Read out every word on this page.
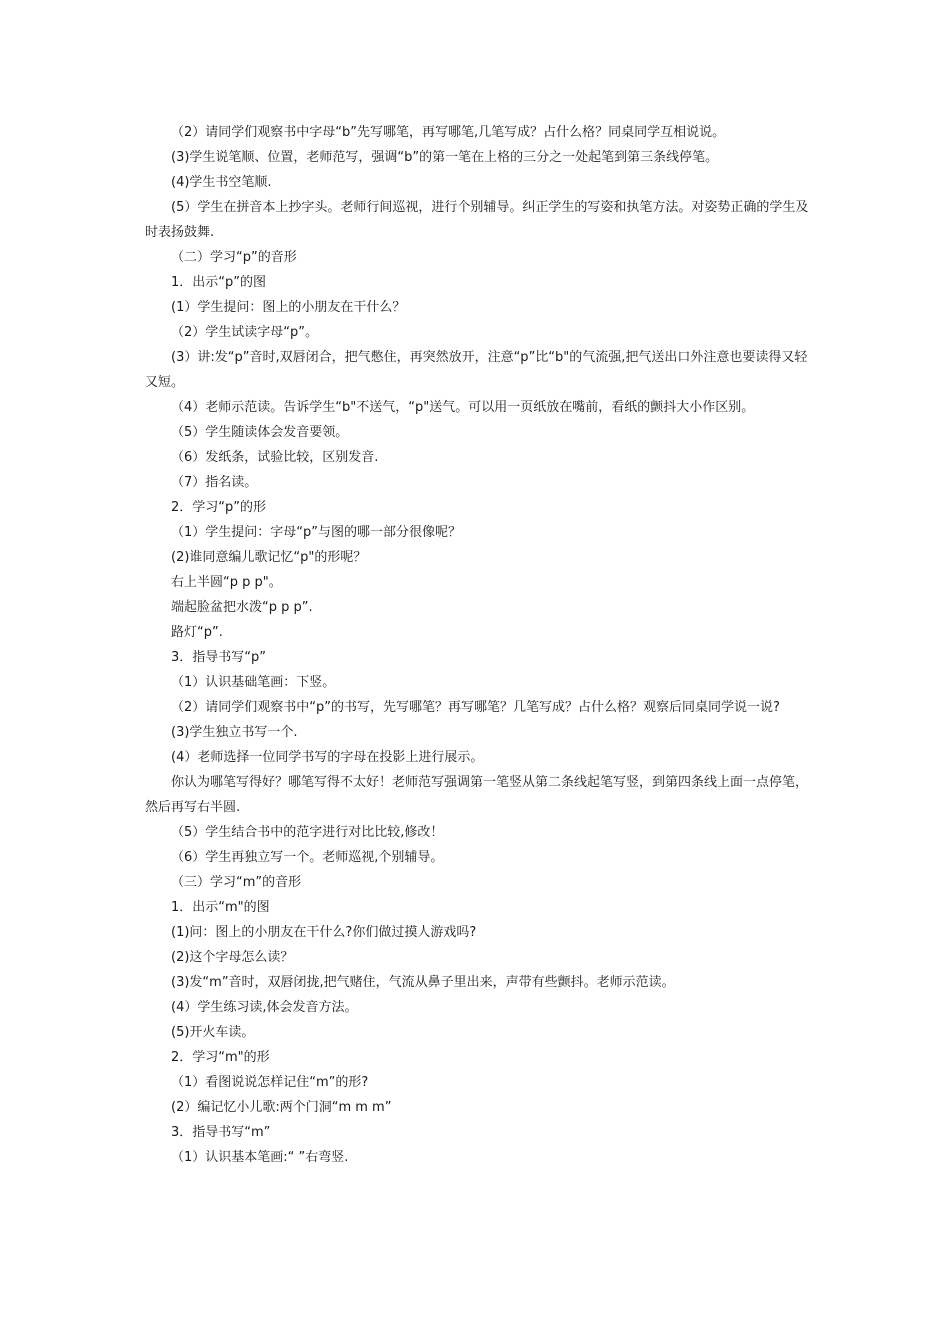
（2）请同学们观察书中字母“b”先写哪笔，再写哪笔,几笔写成？占什么格？同桌同学互相说说。

(3)学生说笔顺、位置，老师范写，强调“b”的第一笔在上格的三分之一处起笔到第三条线停笔。

(4)学生书空笔顺.

(5）学生在拼音本上抄字头。老师行间巡视，进行个别辅导。纠正学生的写姿和执笔方法。对姿势正确的学生及时表扬鼓舞.

（二）学习“p”的音形

1．出示“p”的图

(1）学生提问：图上的小朋友在干什么？

（2）学生试读字母“p”。

(3）讲:发“p”音时,双唇闭合，把气憋住，再突然放开，注意“p”比“b"的气流强,把气送出口外注意也要读得又轻又短。

（4）老师示范读。告诉学生“b"不送气，“p"送气。可以用一页纸放在嘴前，看纸的颤抖大小作区别。

（5）学生随读体会发音要领。

（6）发纸条，试验比较，区别发音.

（7）指名读。

2．学习“p”的形

（1）学生提问：字母“p”与图的哪一部分很像呢？

(2)谁同意编儿歌记忆“p"的形呢？

右上半圆“p p p"。

端起脸盆把水泼“p p p”.

路灯“p”.

3．指导书写“p”

（1）认识基础笔画：下竖。

（2）请同学们观察书中“p”的书写，先写哪笔？再写哪笔？几笔写成？占什么格？观察后同桌同学说一说?

(3)学生独立书写一个.

(4）老师选择一位同学书写的字母在投影上进行展示。

你认为哪笔写得好？哪笔写得不太好！老师范写强调第一笔竖从第二条线起笔写竖，到第四条线上面一点停笔，然后再写右半圆.

（5）学生结合书中的范字进行对比比较,修改！

（6）学生再独立写一个。老师巡视,个别辅导。

（三）学习“m”的音形

1．出示“m"的图

(1)问：图上的小朋友在干什么?你们做过摸人游戏吗?

(2)这个字母怎么读？

(3)发“m”音时，双唇闭拢,把气赌住，气流从鼻子里出来，声带有些颤抖。老师示范读。

(4）学生练习读,体会发音方法。

(5)开火车读。

2．学习“m"的形

（1）看图说说怎样记住“m”的形?

(2）编记忆小儿歌:两个门洞“m m m”

3．指导书写“m”

（1）认识基本笔画:“ ”右弯竖.
